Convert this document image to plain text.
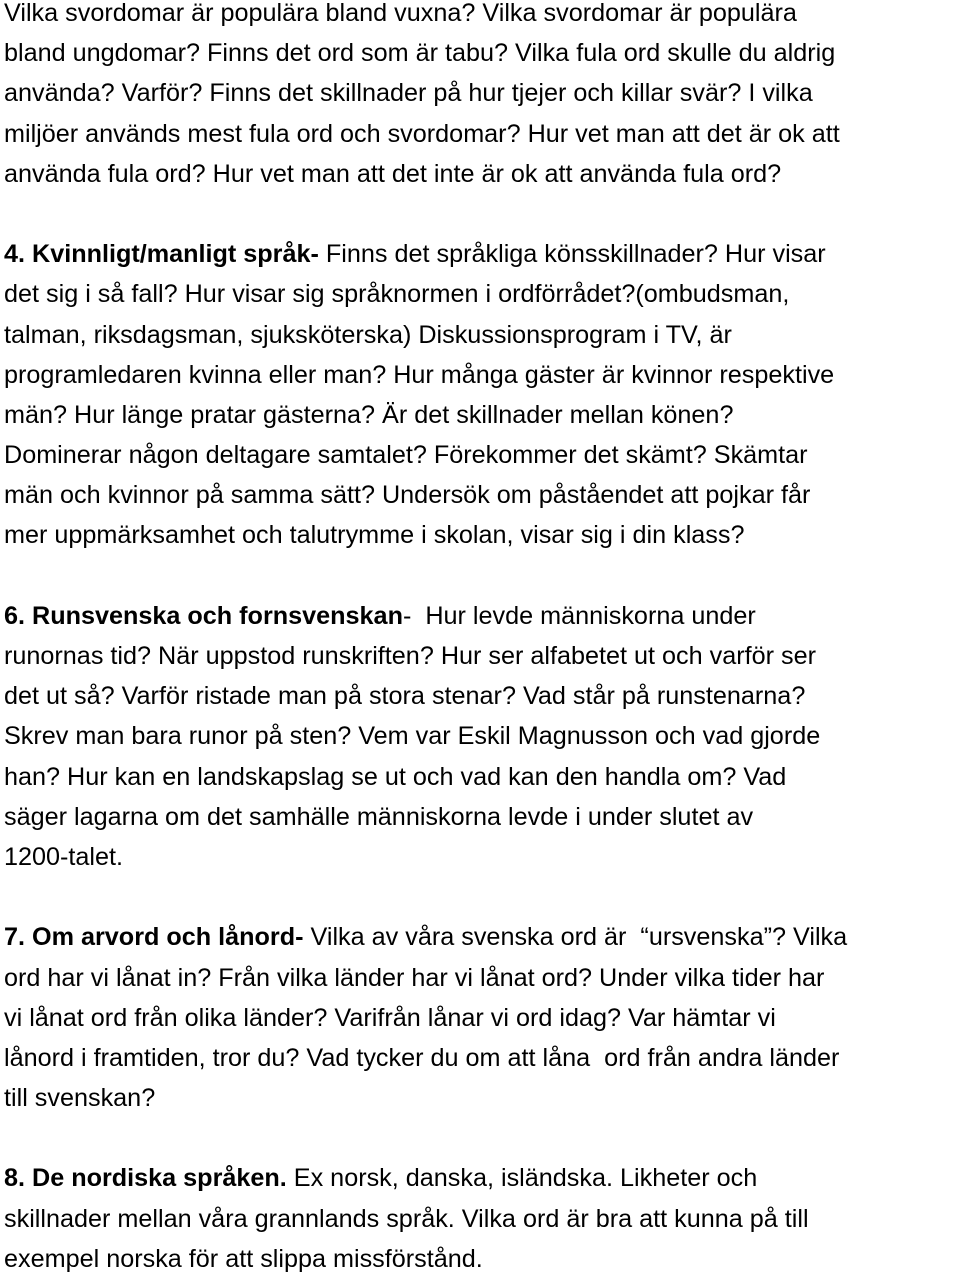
Vilka svordomar är populära bland vuxna? Vilka svordomar är populära
bland ungdomar? Finns det ord som är tabu? Vilka fula ord skulle du aldrig
använda? Varför? Finns det skillnader på hur tjejer och killar svär? I vilka
miljöer används mest fula ord och svordomar? Hur vet man att det är ok att
använda fula ord? Hur vet man att det inte är ok att använda fula ord?
4. Kvinnligt/manligt språk- Finns det språkliga könsskillnader? Hur visar
det sig i så fall? Hur visar sig språknormen i ordförrådet?(ombudsman,
talman, riksdagsman, sjuksköterska) Diskussionsprogram i TV, är
programledaren kvinna eller man? Hur många gäster är kvinnor respektive
män? Hur länge pratar gästerna? Är det skillnader mellan könen?
Dominerar någon deltagare samtalet? Förekommer det skämt? Skämtar
män och kvinnor på samma sätt? Undersök om påståendet att pojkar får
mer uppmärksamhet och talutrymme i skolan, visar sig i din klass?
6. Runsvenska och fornsvenskan-  Hur levde människorna under
runornas tid? När uppstod runskriften? Hur ser alfabetet ut och varför ser
det ut så? Varför ristade man på stora stenar? Vad står på runstenarna?
Skrev man bara runor på sten? Vem var Eskil Magnusson och vad gjorde
han? Hur kan en landskapslag se ut och vad kan den handla om? Vad
säger lagarna om det samhälle människorna levde i under slutet av
1200-talet.
7. Om arvord och lånord- Vilka av våra svenska ord är  “ursvenska”? Vilka
ord har vi lånat in? Från vilka länder har vi lånat ord? Under vilka tider har
vi lånat ord från olika länder? Varifrån lånar vi ord idag? Var hämtar vi
lånord i framtiden, tror du? Vad tycker du om att låna  ord från andra länder
till svenskan?
8. De nordiska språken. Ex norsk, danska, isländska. Likheter och
skillnader mellan våra grannlands språk. Vilka ord är bra att kunna på till
exempel norska för att slippa missförstånd.
